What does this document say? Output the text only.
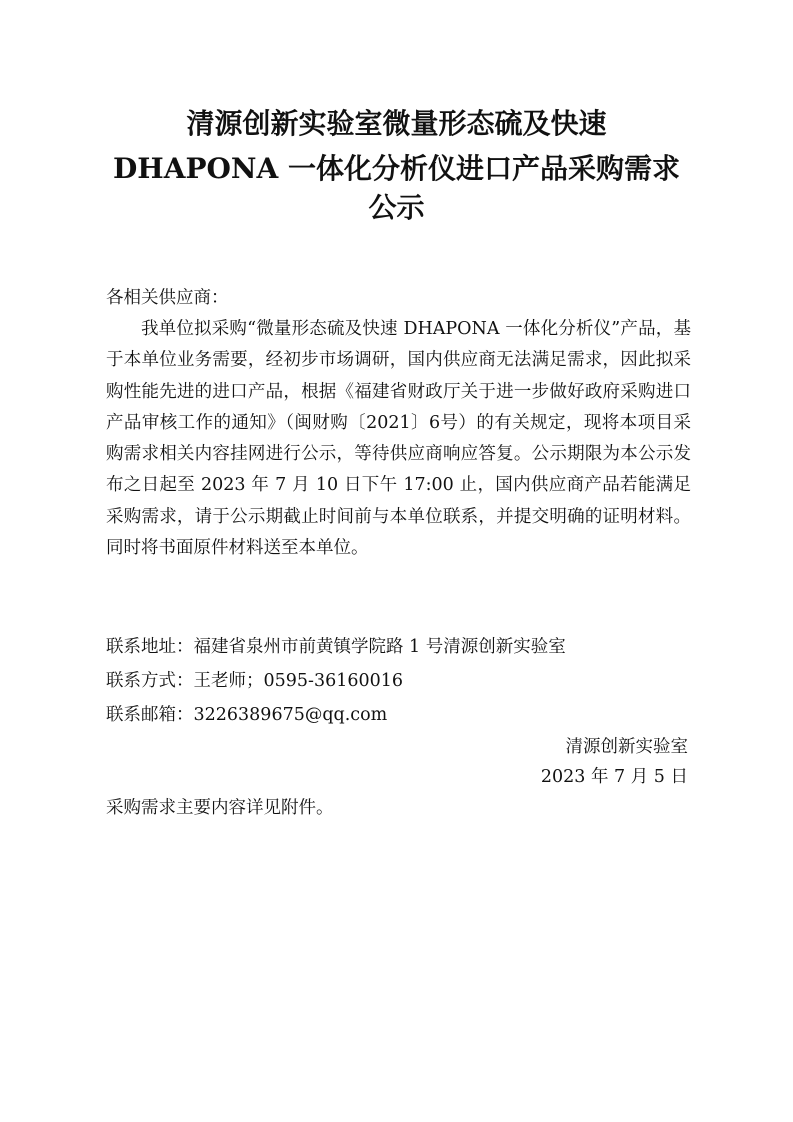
清源创新实验室微量形态硫及快速
DHAPONA 一体化分析仪进口产品采购需求
公示
各相关供应商：
我单位拟采购“微量形态硫及快速 DHAPONA 一体化分析仪”产品，基于本单位业务需要，经初步市场调研，国内供应商无法满足需求，因此拟采购性能先进的进口产品，根据《福建省财政厅关于进一步做好政府采购进口产品审核工作的通知》（闽财购〔2021〕6号）的有关规定，现将本项目采购需求相关内容挂网进行公示，等待供应商响应答复。公示期限为本公示发布之日起至 2023 年 7 月 10 日下午 17:00 止，国内供应商产品若能满足采购需求，请于公示期截止时间前与本单位联系，并提交明确的证明材料。同时将书面原件材料送至本单位。
联系地址：福建省泉州市前黄镇学院路 1 号清源创新实验室
联系方式：王老师；0595-36160016
联系邮箱：3226389675@qq.com
清源创新实验室
2023 年 7 月 5 日
采购需求主要内容详见附件。
